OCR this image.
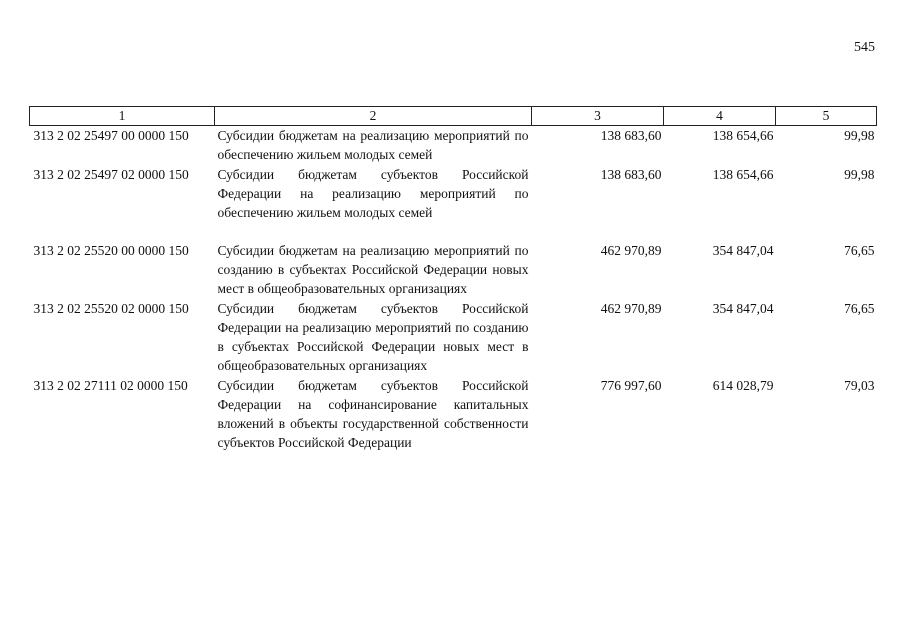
545
1	2	3	4	5
313 2 02 25497 00 0000 150	Субсидии бюджетам на реализацию мероприятий по обеспечению жильем молодых семей	138 683,60	138 654,66	99,98
313 2 02 25497 02 0000 150	Субсидии бюджетам субъектов Российской Федерации на реализацию мероприятий по обеспечению жильем молодых семей	138 683,60	138 654,66	99,98

313 2 02 25520 00 0000 150	Субсидии бюджетам на реализацию мероприятий по созданию в субъектах Российской Федерации новых мест в общеобразовательных организациях	462 970,89	354 847,04	76,65
313 2 02 25520 02 0000 150	Субсидии бюджетам субъектов Российской Федерации на реализацию мероприятий по созданию в субъектах Российской Федерации новых мест в общеобразовательных организациях	462 970,89	354 847,04	76,65
313 2 02 27111 02 0000 150	Субсидии бюджетам субъектов Российской Федерации на софинансирование капитальных вложений в объекты государственной собственности субъектов Российской Федерации	776 997,60	614 028,79	79,03
